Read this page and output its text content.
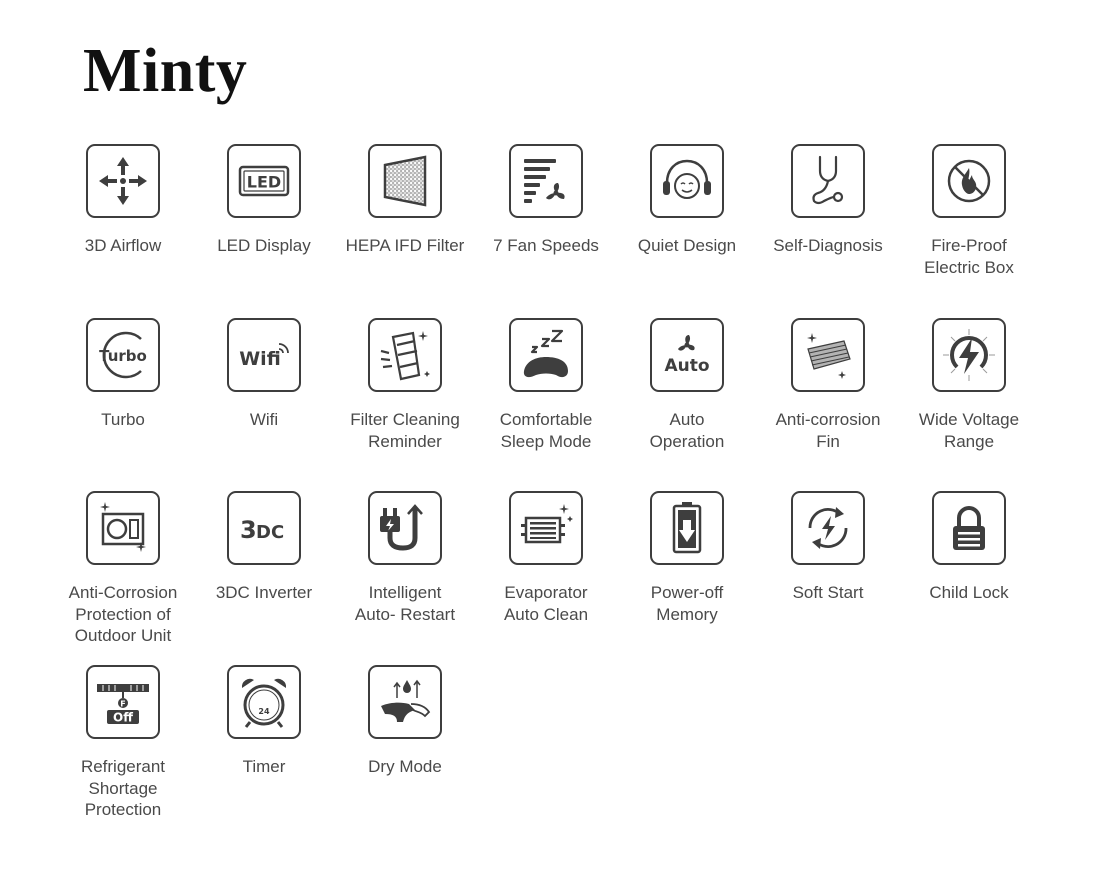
Minty
3D Airflow
LED
LED Display	HEPA IFD Filter	7 Fan Speeds	Quiet Design	Self-Diagnosis	Fire-Proof
Electric Box
Turbo
Turbo
Wifi
Wifi	Filter Cleaning
Reminder
Comfortable
Sleep Mode
Auto
Auto
Operation
Anti-corrosion
Fin
Wide Voltage
Range
Anti-Corrosion
Protection of
Outdoor Unit
3 DC
3DC Inverter	Intelligent
Auto- Restart
Evaporator
Auto Clean
Power-off
Memory
Soft Start	Child Lock
F
Off
Refrigerant
Shortage
Protection
24
Timer	Dry Mode
